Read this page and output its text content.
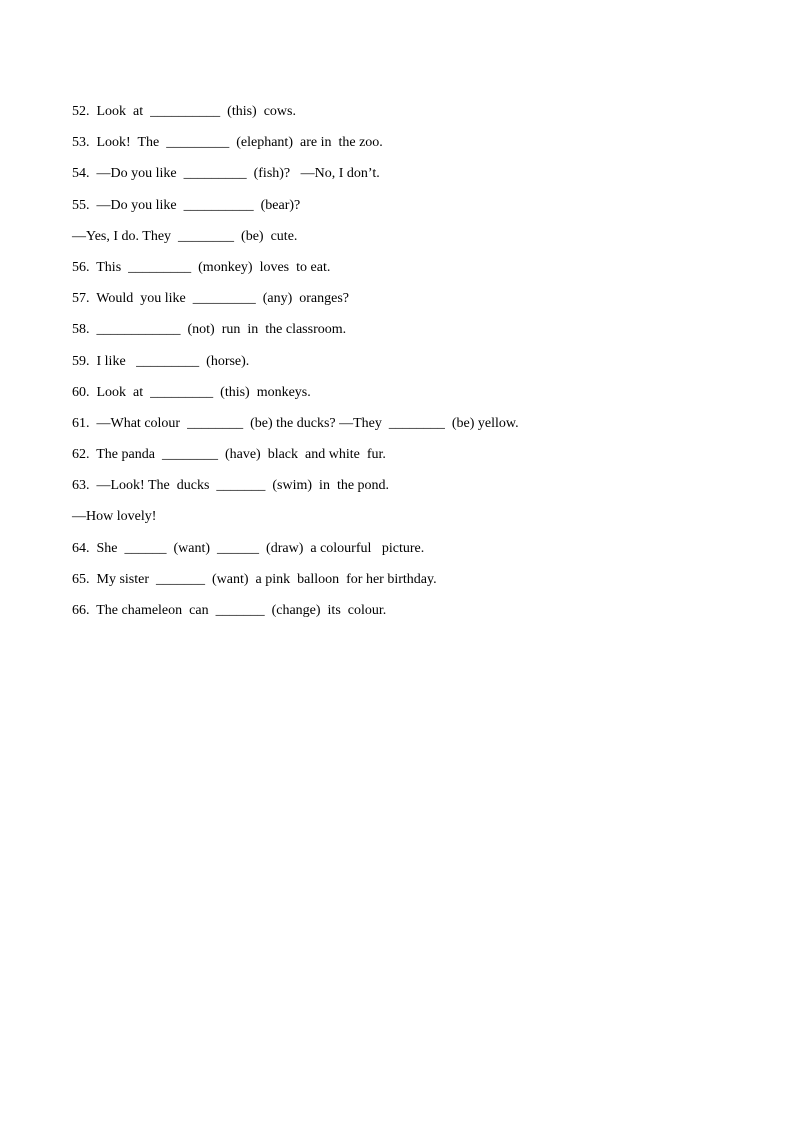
52.  Look  at  __________  (this)  cows.
53.  Look!  The  _________  (elephant)  are in  the zoo.
54.  —Do you like  _________  (fish)?   —No, I don’t.
55.  —Do you like  __________  (bear)?
—Yes, I do. They  ________  (be)  cute.
56.  This  _________  (monkey)  loves  to eat.
57.  Would  you like  _________  (any)  oranges?
58. ____________  (not)  run  in  the classroom.
59.  I like   _________  (horse).
60.  Look  at  _________  (this)  monkeys.
61.  —What colour  ________  (be) the ducks? —They  ________  (be) yellow.
62.  The panda  ________  (have)  black  and white  fur.
63.  —Look! The  ducks  _______  (swim)  in  the pond.
—How lovely!
64.  She  ______  (want)  ______  (draw)  a colourful   picture.
65.  My sister  _______  (want)  a pink  balloon  for her birthday.
66.  The chameleon  can  _______  (change)  its  colour.
